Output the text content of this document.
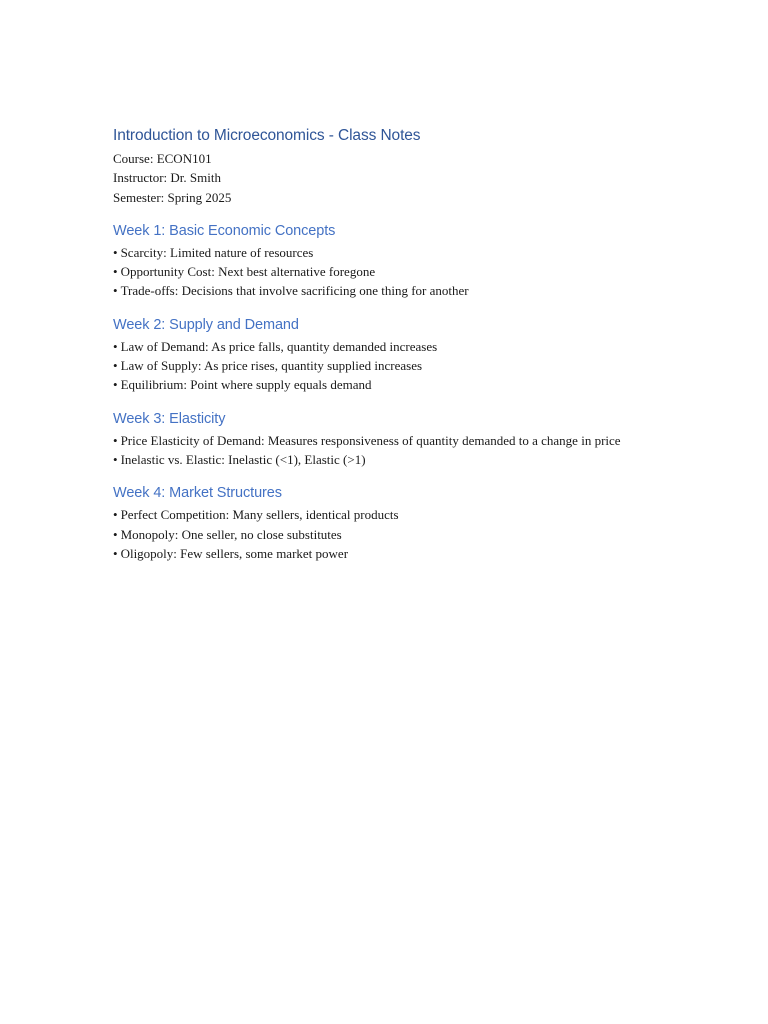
Introduction to Microeconomics - Class Notes

Course: ECON101

Instructor: Dr. Smith

Semester: Spring 2025

Week 1: Basic Economic Concepts

• Scarcity: Limited nature of resources

• Opportunity Cost: Next best alternative foregone

• Trade-offs: Decisions that involve sacrificing one thing for another

Week 2: Supply and Demand

• Law of Demand: As price falls, quantity demanded increases

• Law of Supply: As price rises, quantity supplied increases

• Equilibrium: Point where supply equals demand

Week 3: Elasticity

• Price Elasticity of Demand: Measures responsiveness of quantity demanded to a change in price

• Inelastic vs. Elastic: Inelastic (<1), Elastic (>1)

Week 4: Market Structures

• Perfect Competition: Many sellers, identical products

• Monopoly: One seller, no close substitutes

• Oligopoly: Few sellers, some market power
